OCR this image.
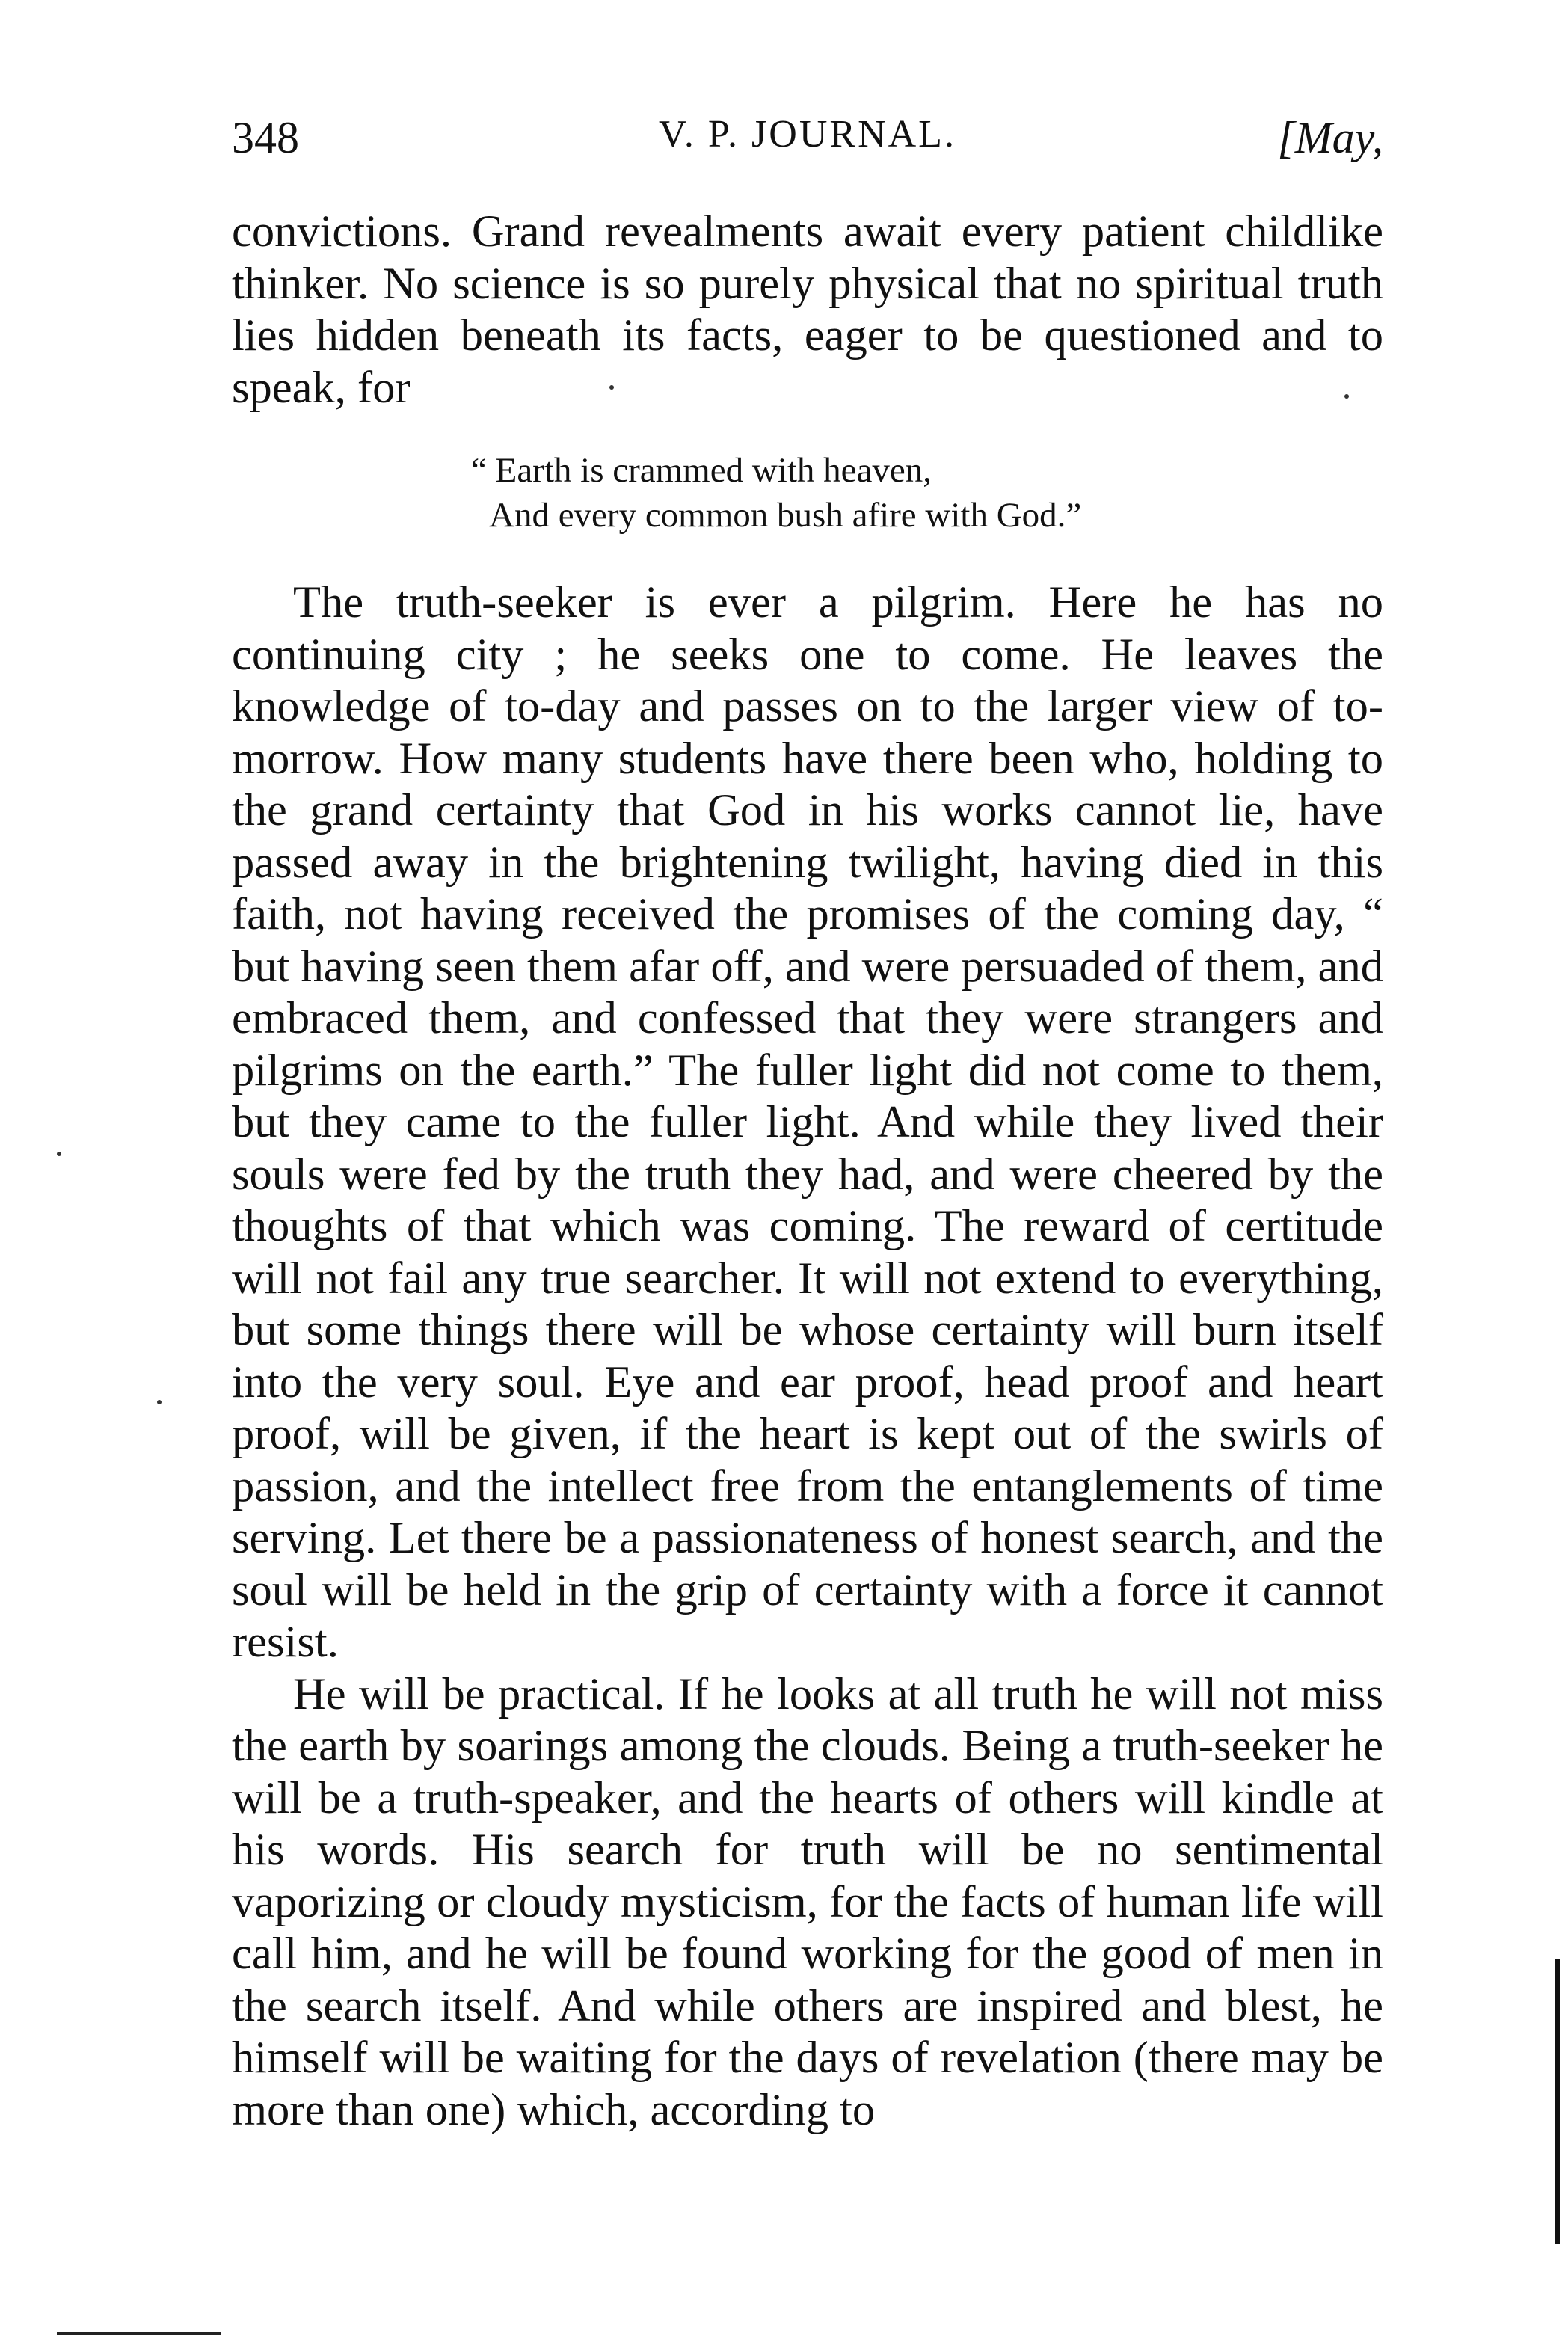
348	V. P. JOURNAL.	[May,

convictions. Grand revealments await every patient childlike thinker. No science is so purely physical that no spiritual truth lies hidden beneath its facts, eager to be questioned and to speak, for

“ Earth is crammed with heaven,
And every common bush afire with God.”

The truth-seeker is ever a pilgrim. Here he has no continuing city ; he seeks one to come. He leaves the knowledge of to-day and passes on to the larger view of to-morrow. How many students have there been who, holding to the grand certainty that God in his works cannot lie, have passed away in the brightening twilight, having died in this faith, not having received the promises of the coming day, “ but having seen them afar off, and were persuaded of them, and embraced them, and confessed that they were strangers and pilgrims on the earth.” The fuller light did not come to them, but they came to the fuller light. And while they lived their souls were fed by the truth they had, and were cheered by the thoughts of that which was coming. The reward of certitude will not fail any true searcher. It will not extend to everything, but some things there will be whose certainty will burn itself into the very soul. Eye and ear proof, head proof and heart proof, will be given, if the heart is kept out of the swirls of passion, and the intellect free from the entanglements of time serving. Let there be a passionateness of honest search, and the soul will be held in the grip of certainty with a force it cannot resist.

He will be practical. If he looks at all truth he will not miss the earth by soarings among the clouds. Being a truth-seeker he will be a truth-speaker, and the hearts of others will kindle at his words. His search for truth will be no sentimental vaporizing or cloudy mysticism, for the facts of human life will call him, and he will be found working for the good of men in the search itself. And while others are inspired and blest, he himself will be waiting for the days of revelation (there may be more than one) which, according to
